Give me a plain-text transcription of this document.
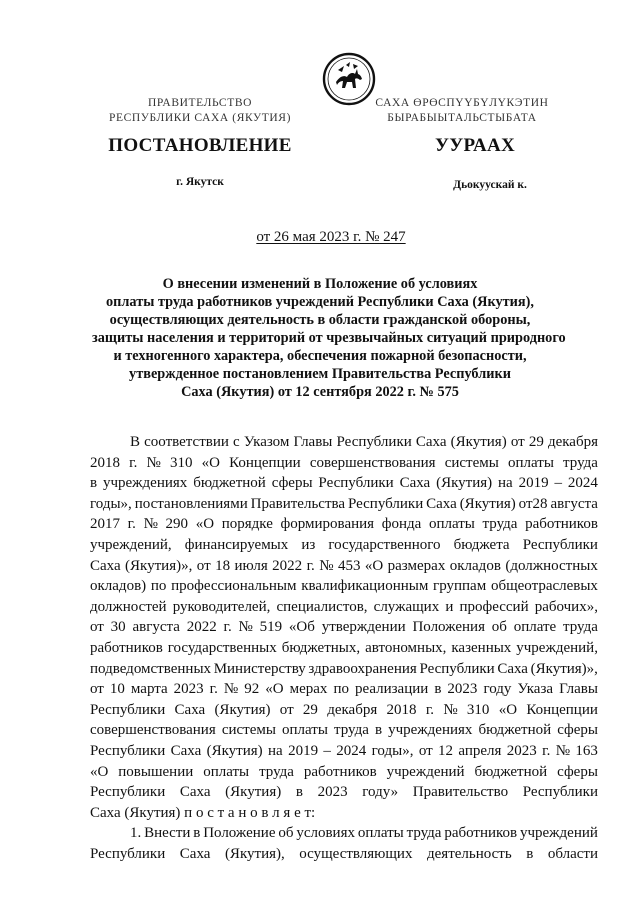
ПРАВИТЕЛЬСТВО
РЕСПУБЛИКИ САХА (ЯКУТИЯ)
САХА ӨРӨСПҮҮБҮЛҮКЭТИН
БЫРАБЫЫТАЛЬСТЫБАТА
ПОСТАНОВЛЕНИЕ	УУРААХ
г. Якутск	Дьокуускай к.
от 26 мая 2023 г. № 247
О внесении изменений в Положение об условиях
оплаты труда работников учреждений Республики Саха (Якутия),
осуществляющих деятельность в области гражданской обороны,
защиты населения и территорий от чрезвычайных ситуаций природного
и техногенного характера, обеспечения пожарной безопасности,
утвержденное постановлением Правительства Республики
Саха (Якутия) от 12 сентября 2022 г. № 575
В соответствии с Указом Главы Республики Саха (Якутия) от 29 декабря
2018 г. № 310 «О Концепции совершенствования системы оплаты труда
в учреждениях бюджетной сферы Республики Саха (Якутия) на 2019 – 2024
годы», постановлениями Правительства Республики Саха (Якутия) от28 августа
2017 г. № 290 «О порядке формирования фонда оплаты труда работников
учреждений, финансируемых из государственного бюджета Республики
Саха (Якутия)», от 18 июля 2022 г. № 453 «О размерах окладов (должностных
окладов) по профессиональным квалификационным группам общеотраслевых
должностей руководителей, специалистов, служащих и профессий рабочих»,
от 30 августа 2022 г. № 519 «Об утверждении Положения об оплате труда
работников государственных бюджетных, автономных, казенных учреждений,
подведомственных Министерству здравоохранения Республики Саха (Якутия)»,
от 10 марта 2023 г. № 92 «О мерах по реализации в 2023 году Указа Главы
Республики Саха (Якутия) от 29 декабря 2018 г. № 310 «О Концепции
совершенствования системы оплаты труда в учреждениях бюджетной сферы
Республики Саха (Якутия) на 2019 – 2024 годы», от 12 апреля 2023 г. № 163
«О повышении оплаты труда работников учреждений бюджетной сферы
Республики Саха (Якутия) в 2023 году» Правительство Республики
Саха (Якутия) п о с т а н о в л я е т:
1. Внести в Положение об условиях оплаты труда работников учреждений
Республики Саха (Якутия), осуществляющих деятельность в области
